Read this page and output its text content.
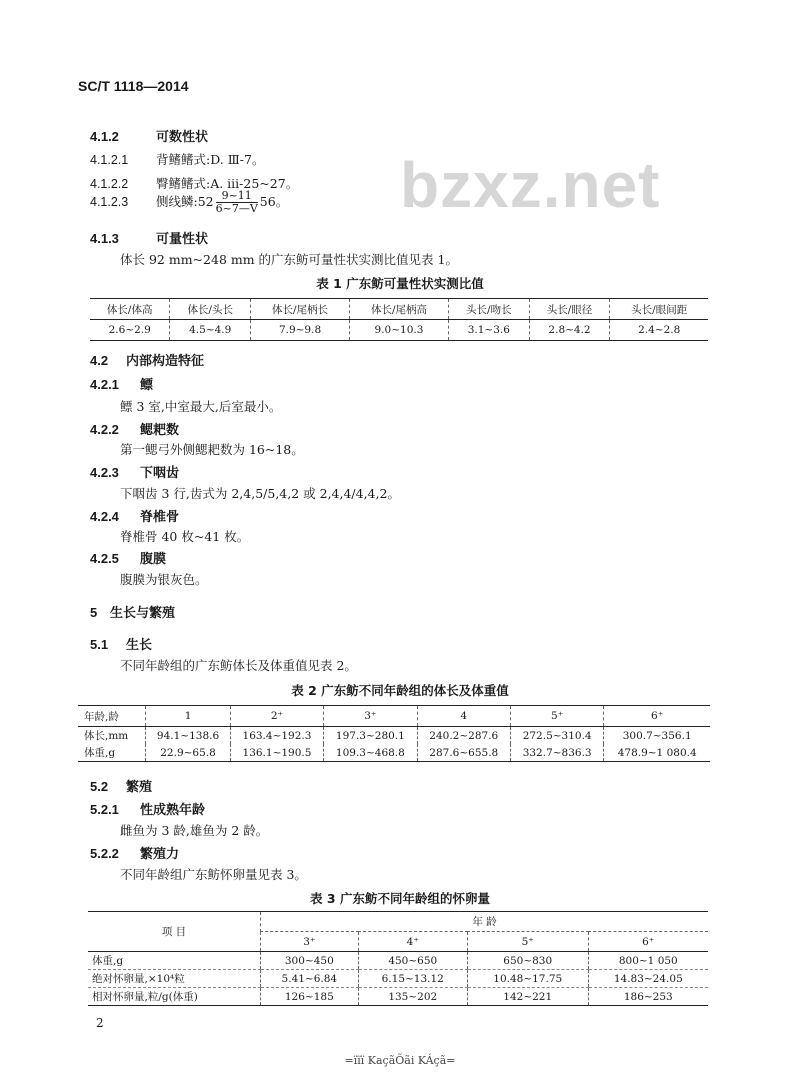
SC/T 1118—2014
bzxz.net
4.1.2	可数性状
4.1.2.1 背鳍鳍式:D. Ⅲ-7。
4.1.2.2 臀鳍鳍式:A. iii-25~27。
4.1.2.3 侧线鳞:52 $\frac{9\sim 11}{6\sim 7—V} 56$。
4.1.3	可量性状
体长 92 mm~248 mm 的广东鲂可量性状实测比值见表 1。
表 1 广东鲂可量性状实测比值
体长/体高	体长/头长	体长/尾柄长	体长/尾柄高	头长/吻长	头长/眼径	头长/眼间距
2.6~2.9	4.5~4.9	7.9~9.8	9.0~10.3	3.1~3.6	2.8~4.2	2.4~2.8
4.2 内部构造特征
4.2.1 鳔
鳔 3 室,中室最大,后室最小。
4.2.2 鳃耙数
第一鳃弓外侧鳃耙数为 16~18。
4.2.3 下咽齿
下咽齿 3 行,齿式为 2,4,5/5,4,2 或 2,4,4/4,4,2。
4.2.4 脊椎骨
脊椎骨 40 枚~41 枚。
4.2.5 腹膜
腹膜为银灰色。
5 生长与繁殖
5.1 生长
不同年龄组的广东鲂体长及体重值见表 2。
表 2 广东鲂不同年龄组的体长及体重值
年龄,龄	1	2⁺	3⁺	4	5⁺	6⁺
体长,mm	94.1~138.6	163.4~192.3	197.3~280.1	240.2~287.6	272.5~310.4	300.7~356.1
体重,g	22.9~65.8	136.1~190.5	109.3~468.8	287.6~655.8	332.7~836.3	478.9~1 080.4
5.2 繁殖
5.2.1 性成熟年龄
雌鱼为 3 龄,雄鱼为 2 龄。
5.2.2 繁殖力
不同年龄组广东鲂怀卵量见表 3。
表 3 广东鲂不同年龄组的怀卵量
项 目	年 龄			
	3⁺	4⁺	5⁺	6⁺
体重,g	300~450	450~650	650~830	800~1 050
绝对怀卵量,×10⁴粒	5.41~6.84	6.15~13.12	10.48~17.75	14.83~24.05
相对怀卵量,粒/g(体重)	126~185	135~202	142~221	186~253
2
=ïïï KaçãÕãi KÁçã=
